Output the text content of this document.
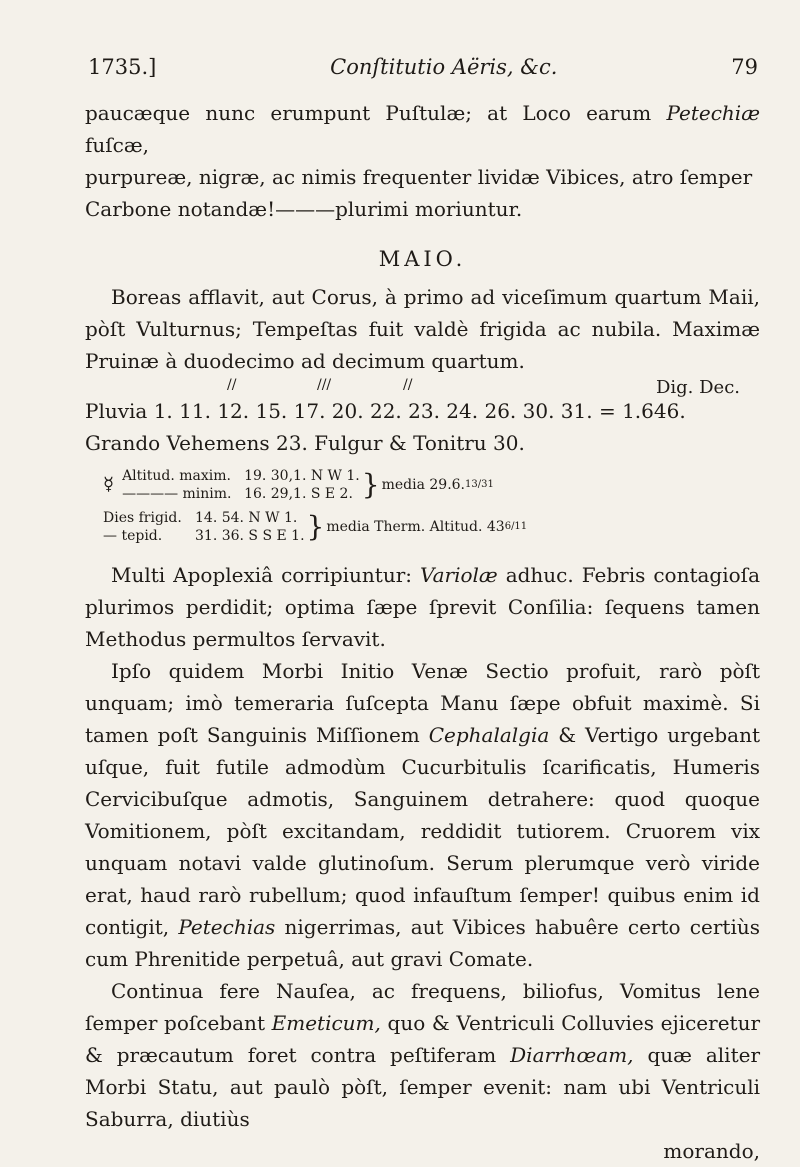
1735.]	Conſtitutio Aëris, &c.	79

paucæque nunc erumpunt Puſtulæ; at Loco earum Petechiæ fuſcæ,

purpureæ, nigræ, ac nimis frequenter lividæ Vibices, atro ſemper

Carbone notandæ!———plurimi moriuntur.

MAIO.

Boreas afflavit, aut Corus, à primo ad viceſimum quartum Maii, pòſt Vulturnus; Tempeſtas fuit valdè frigida ac nubila. Maximæ Pruinæ à duodecimo ad decimum quartum.

//	///	//	Dig. Dec.

Pluvia 1. 11. 12. 15. 17. 20. 22. 23. 24. 26. 30. 31. = 1.646.

Grando Vehemens 23. Fulgur & Tonitru 30.

☿ Altitud. maxim. 19. 30,1. N W 1.
———— minim. 16. 29,1. S E 2. } media 29.6. 13/31
Dies frigid. 14. 54. N W 1.
— tepid.	31. 36. S S E 1. } media Therm. Altitud. 43 6/11

Multi Apoplexiâ corripiuntur: Variolæ adhuc. Febris contagioſa plurimos perdidit; optima ſæpe ſprevit Conſilia: ſequens tamen Methodus permultos ſervavit.

Ipſo quidem Morbi Initio Venæ Sectio profuit, rarò pòſt unquam; imò temeraria ſuſcepta Manu ſæpe obfuit maximè. Si tamen poſt Sanguinis Miſſionem Cephalalgia & Vertigo urgebant uſque, fuit futile admodùm Cucurbitulis ſcarificatis, Humeris Cervicibuſque admotis, Sanguinem detrahere: quod quoque Vomitionem, pòſt excitandam, reddidit tutiorem. Cruorem vix unquam notavi valde glutinoſum. Serum plerumque verò viride erat, haud rarò rubellum; quod infauſtum ſemper! quibus enim id contigit, Petechias nigerrimas, aut Vibices habuêre certo certiùs cum Phrenitide perpetuâ, aut gravi Comate.

Continua fere Nauſea, ac frequens, biliofus, Vomitus lene ſemper poſcebant Emeticum, quo & Ventriculi Colluvies ejiceretur & præcautum foret contra peſtiferam Diarrhœam, quæ aliter Morbi Statu, aut paulò pòſt, ſemper evenit: nam ubi Ventriculi Saburra, diutiùs

morando,
